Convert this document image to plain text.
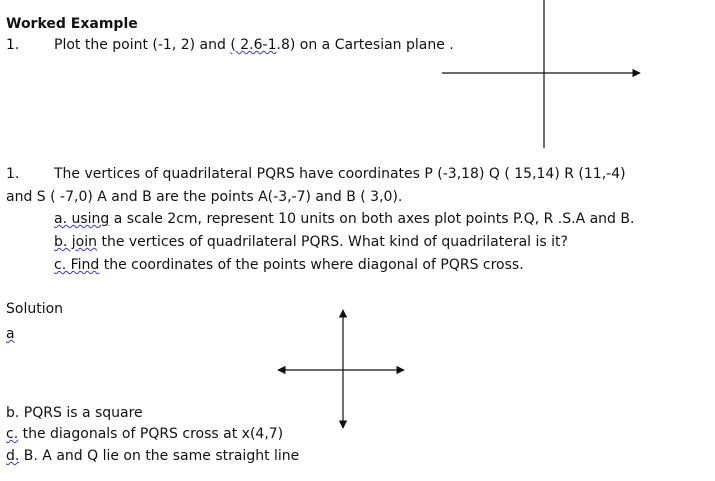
Worked Example
1. Plot the point (-1, 2) and ( 2.6-1.8) on a Cartesian plane .
1. The vertices of quadrilateral PQRS have coordinates P (-3,18) Q ( 15,14) R (11,-4)
and S ( -7,0) A and B are the points A(-3,-7) and B ( 3,0).
a. using a scale 2cm, represent 10 units on both axes plot points P.Q, R .S.A and B.
b. join the vertices of quadrilateral PQRS. What kind of quadrilateral is it?
c. Find the coordinates of the points where diagonal of PQRS cross.
Solution
a
b. PQRS is a square
c. the diagonals of PQRS cross at x(4,7)
d. B. A and Q lie on the same straight line
